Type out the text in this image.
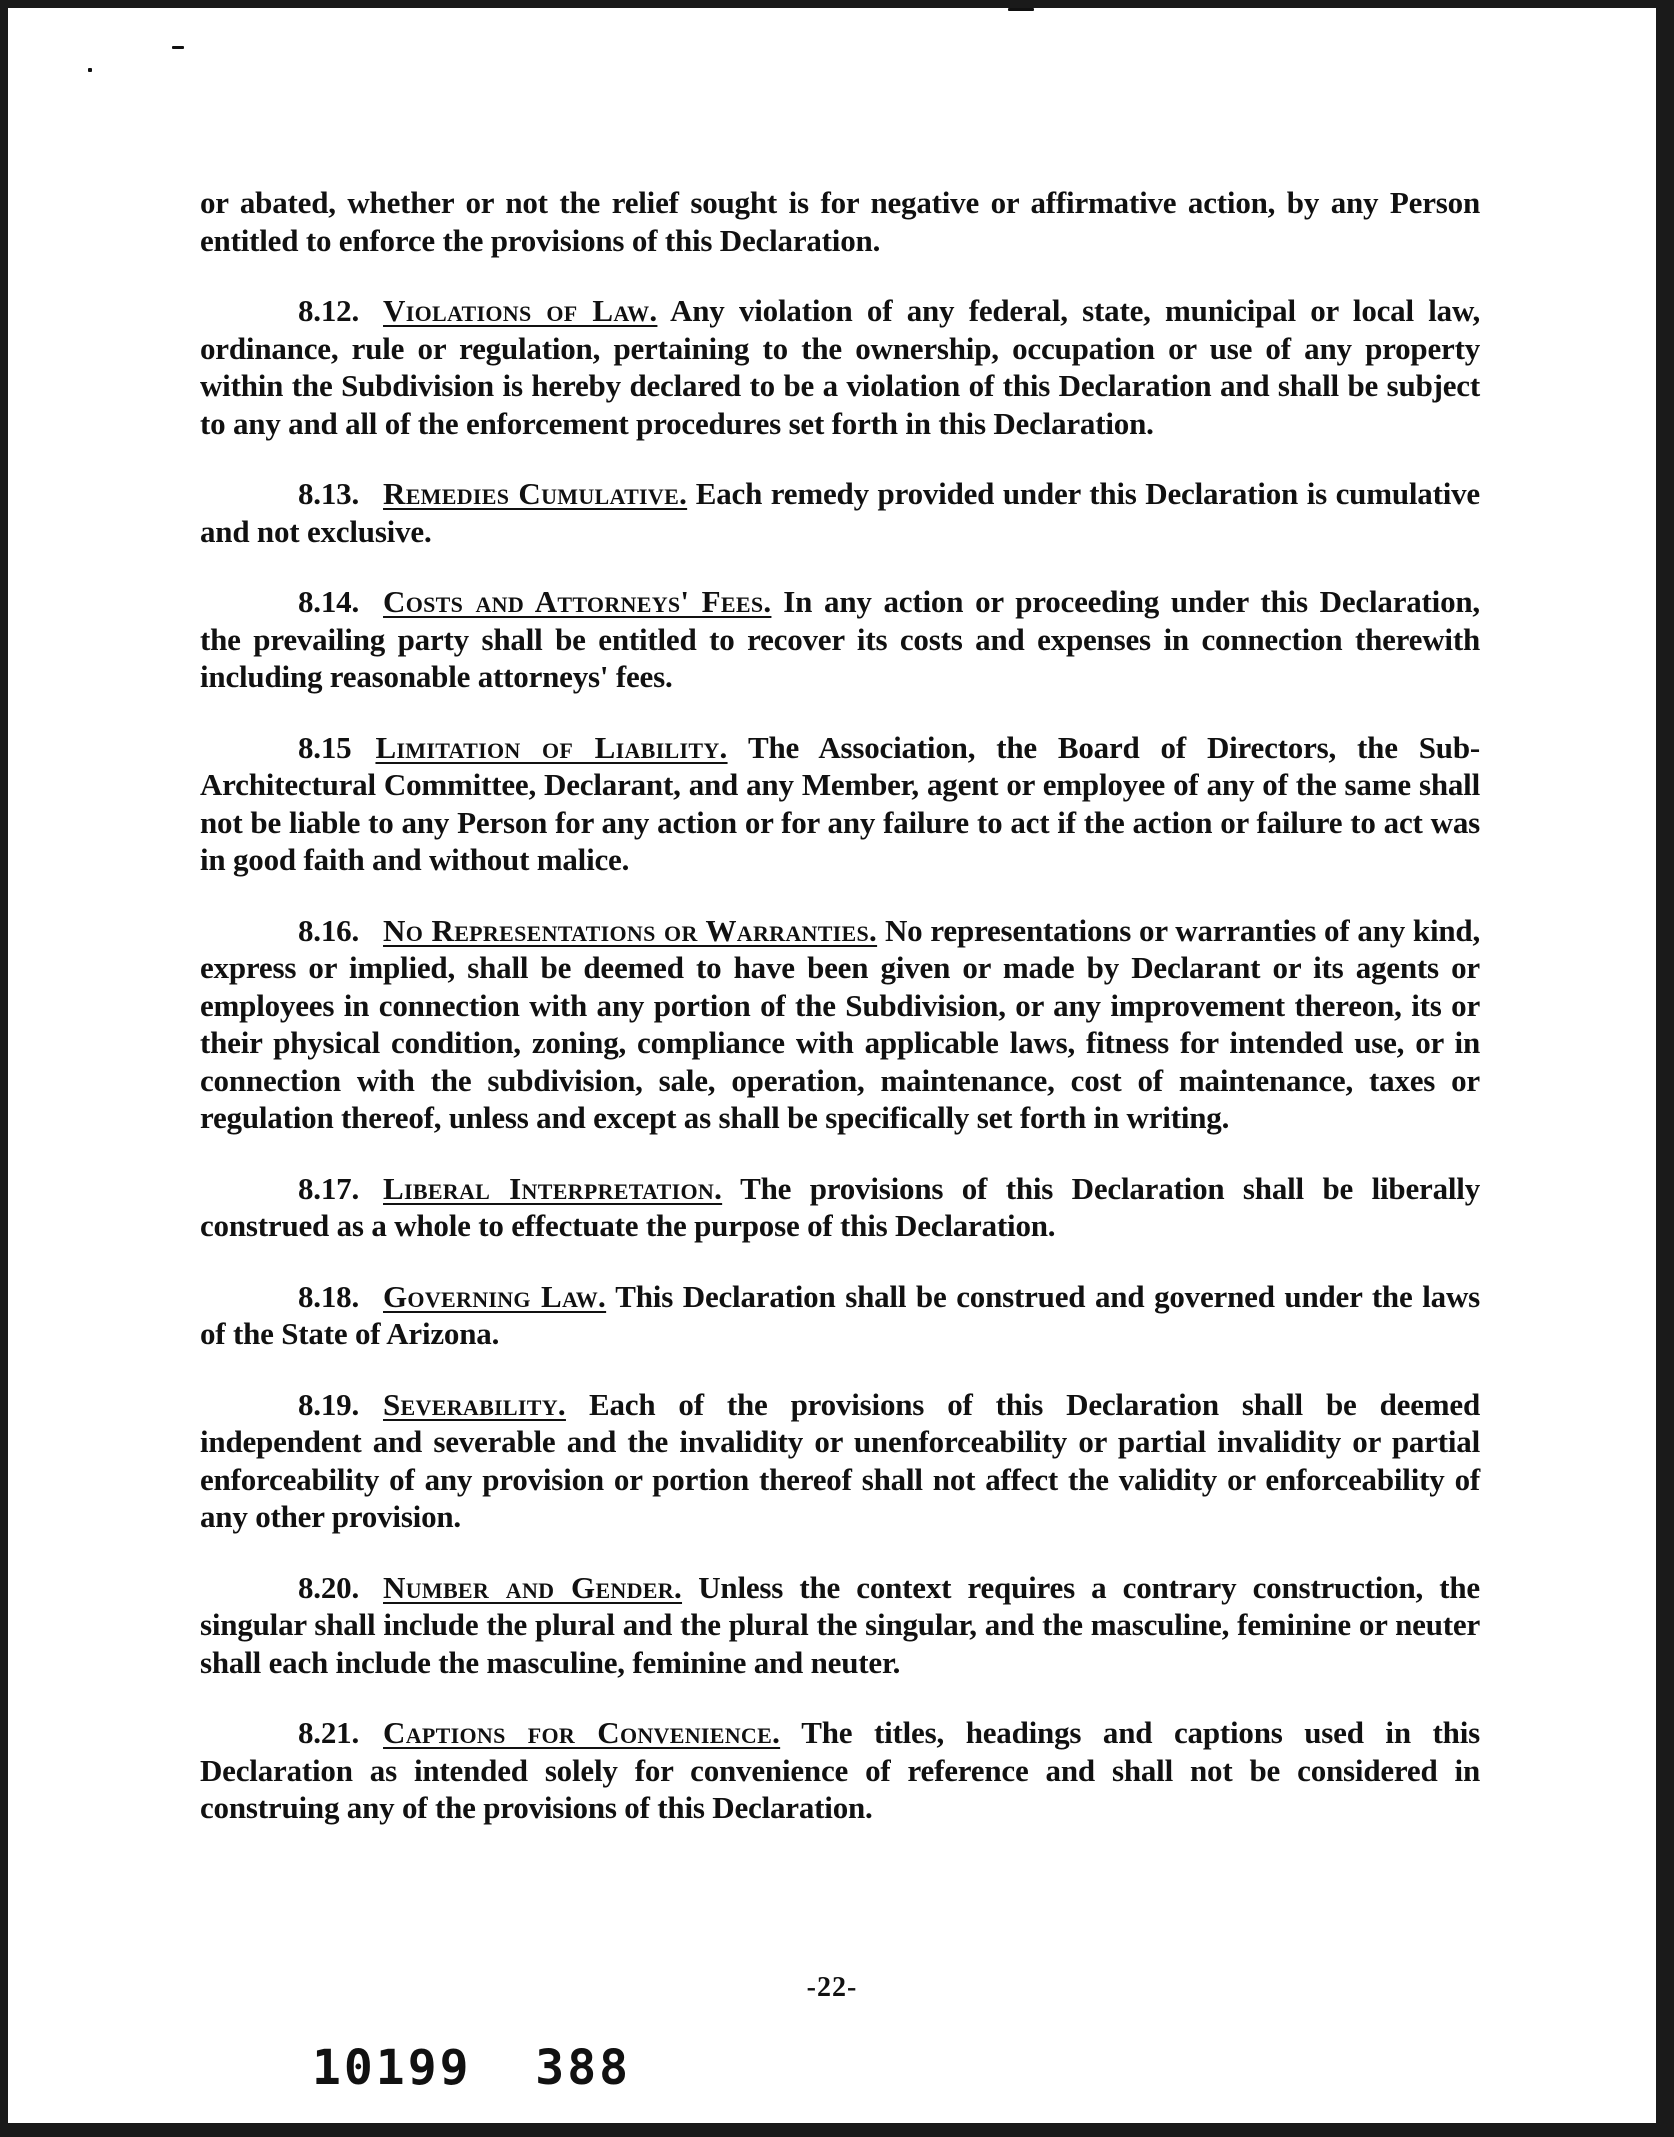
or abated, whether or not the relief sought is for negative or affirmative action, by any Person entitled to enforce the provisions of this Declaration.

8.12. Violations of Law. Any violation of any federal, state, municipal or local law, ordinance, rule or regulation, pertaining to the ownership, occupation or use of any property within the Subdivision is hereby declared to be a violation of this Declaration and shall be subject to any and all of the enforcement procedures set forth in this Declaration.

8.13. Remedies Cumulative. Each remedy provided under this Declaration is cumulative and not exclusive.

8.14. Costs and Attorneys' Fees. In any action or proceeding under this Declaration, the prevailing party shall be entitled to recover its costs and expenses in connection therewith including reasonable attorneys' fees.

8.15 Limitation of Liability. The Association, the Board of Directors, the Sub-Architectural Committee, Declarant, and any Member, agent or employee of any of the same shall not be liable to any Person for any action or for any failure to act if the action or failure to act was in good faith and without malice.

8.16. No Representations or Warranties. No representations or warranties of any kind, express or implied, shall be deemed to have been given or made by Declarant or its agents or employees in connection with any portion of the Subdivision, or any improvement thereon, its or their physical condition, zoning, compliance with applicable laws, fitness for intended use, or in connection with the subdivision, sale, operation, maintenance, cost of maintenance, taxes or regulation thereof, unless and except as shall be specifically set forth in writing.

8.17. Liberal Interpretation. The provisions of this Declaration shall be liberally construed as a whole to effectuate the purpose of this Declaration.

8.18. Governing Law. This Declaration shall be construed and governed under the laws of the State of Arizona.

8.19. Severability. Each of the provisions of this Declaration shall be deemed independent and severable and the invalidity or unenforceability or partial invalidity or partial enforceability of any provision or portion thereof shall not affect the validity or enforceability of any other provision.

8.20. Number and Gender. Unless the context requires a contrary construction, the singular shall include the plural and the plural the singular, and the masculine, feminine or neuter shall each include the masculine, feminine and neuter.

8.21. Captions for Convenience. The titles, headings and captions used in this Declaration as intended solely for convenience of reference and shall not be considered in construing any of the provisions of this Declaration.

-22-
10199  388
